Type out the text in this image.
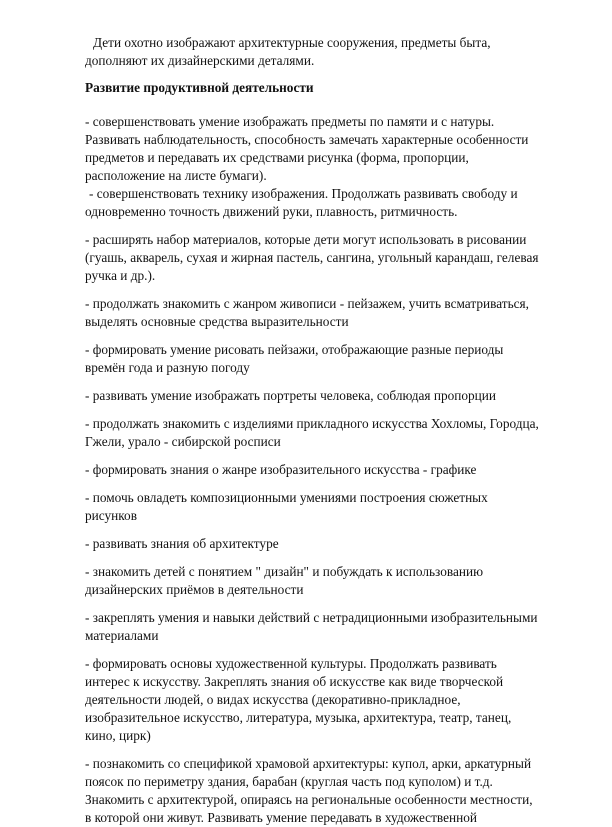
Дети охотно изображают архитектурные сооружения, предметы быта, дополняют их дизайнерскими деталями.

Развитие продуктивной деятельности

- совершенствовать умение изображать предметы по памяти и с натуры. Развивать наблюдательность, способность замечать характерные особенности предметов и передавать их средствами рисунка (форма, пропорции, расположение на листе бумаги).

- совершенствовать технику изображения. Продолжать развивать свободу и одновременно точность движений руки, плавность, ритмичность.

- расширять набор материалов, которые дети могут использовать в рисовании (гуашь, акварель, сухая и жирная пастель, сангина, угольный карандаш, гелевая ручка и др.).

- продолжать знакомить с жанром живописи - пейзажем, учить всматриваться, выделять основные средства выразительности

- формировать умение рисовать пейзажи, отображающие разные периоды времён года и разную погоду

- развивать умение изображать портреты человека, соблюдая пропорции

- продолжать знакомить с изделиями прикладного искусства Хохломы, Городца, Гжели, урало - сибирской росписи

- формировать знания о жанре изобразительного искусства - графике

- помочь овладеть композиционными умениями построения сюжетных рисунков

- развивать знания об архитектуре

- знакомить детей с понятием " дизайн" и побуждать к использованию дизайнерских приёмов в деятельности

- закреплять умения и навыки действий с нетрадиционными изобразительными материалами

- формировать основы художественной культуры. Продолжать развивать интерес к искусству. Закреплять знания об искусстве как виде творческой деятельности людей, о видах искусства (декоративно-прикладное, изобразительное искусство, литература, музыка, архитектура, театр, танец, кино, цирк)

- познакомить со спецификой храмовой архитектуры: купол, арки, аркатурный поясок по периметру здания, барабан (круглая часть под куполом) и т.д. Знакомить с архитектурой, опираясь на региональные особенности местности, в которой они живут. Развивать умение передавать в художественной
